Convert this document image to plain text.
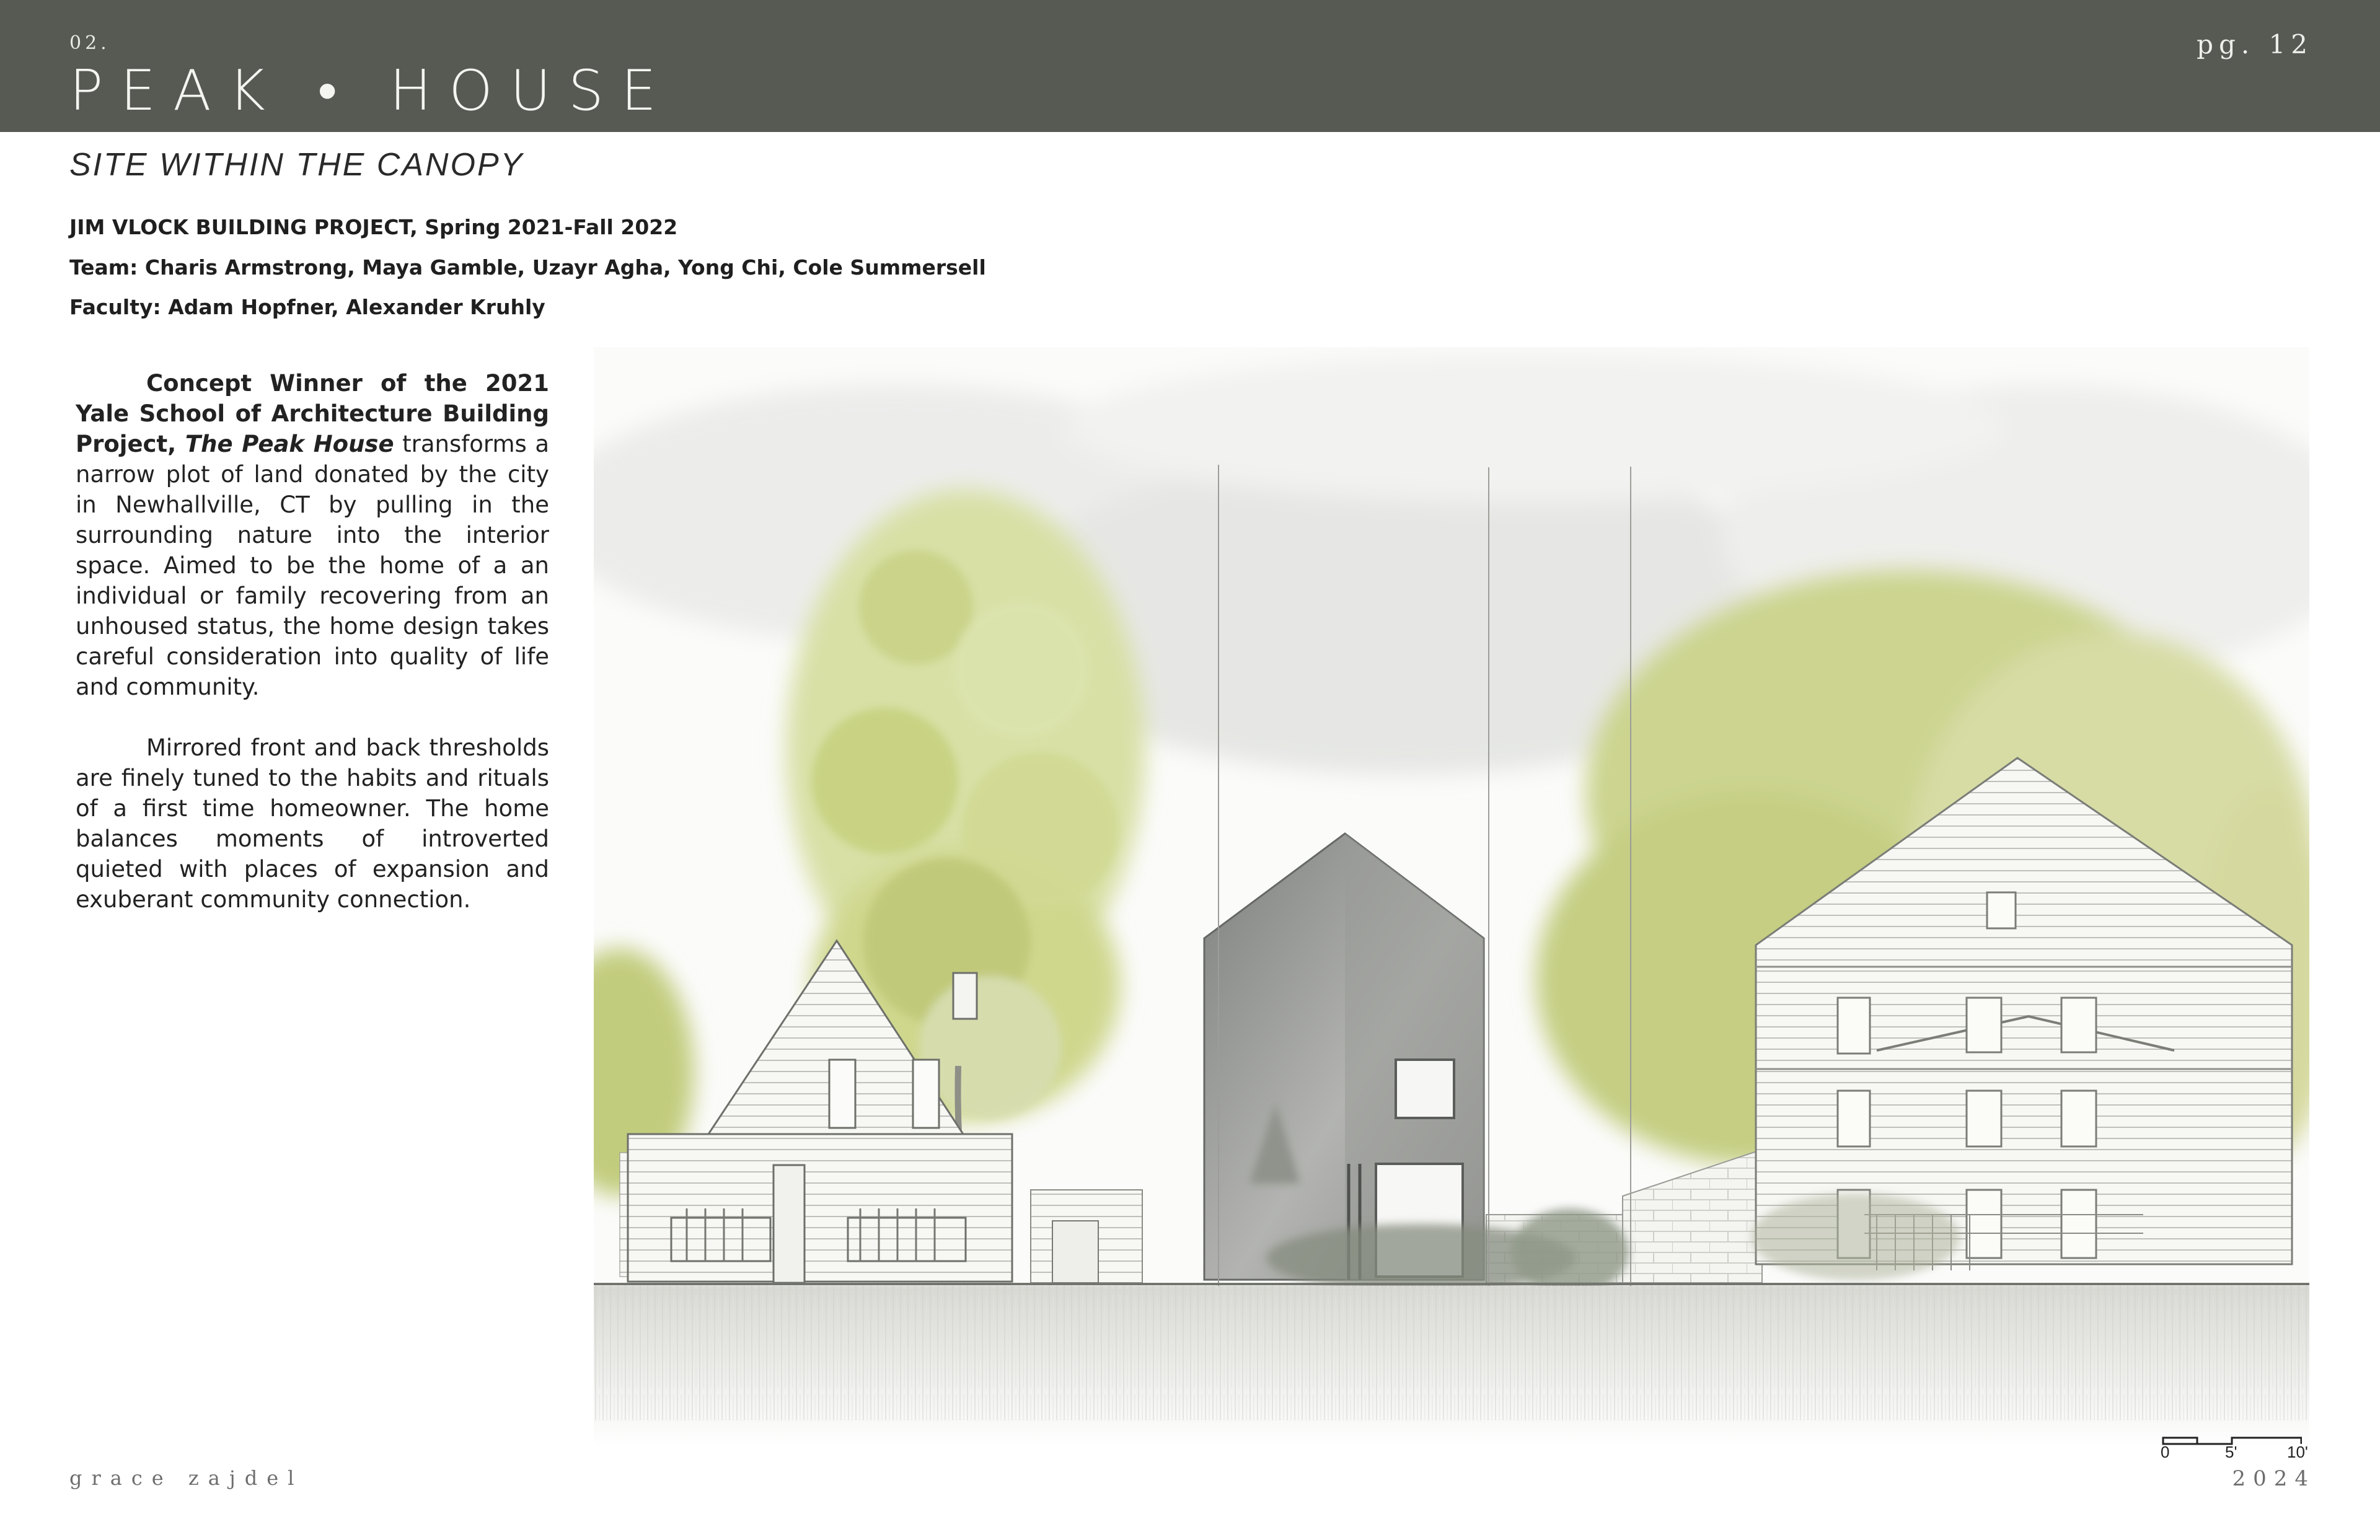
02.
PEAK • HOUSE
pg. 12
SITE WITHIN THE CANOPY
JIM VLOCK BUILDING PROJECT, Spring 2021-Fall 2022
Team: Charis Armstrong, Maya Gamble, Uzayr Agha, Yong Chi, Cole Summersell
Faculty: Adam Hopfner, Alexander Kruhly

Concept Winner of the 2021 Yale School of Architecture Building Project, The Peak House transforms a narrow plot of land donated by the city in Newhallville, CT by pulling in the surrounding nature into the interior space. Aimed to be the home of a an individual or family recovering from an unhoused status, the home design takes careful consideration into quality of life and community.

Mirrored front and back thresholds are finely tuned to the habits and rituals of a first time homeowner. The home balances moments of introverted quieted with places of expansion and exuberant community connection.

0	5'	10'
grace zajdel	2024
